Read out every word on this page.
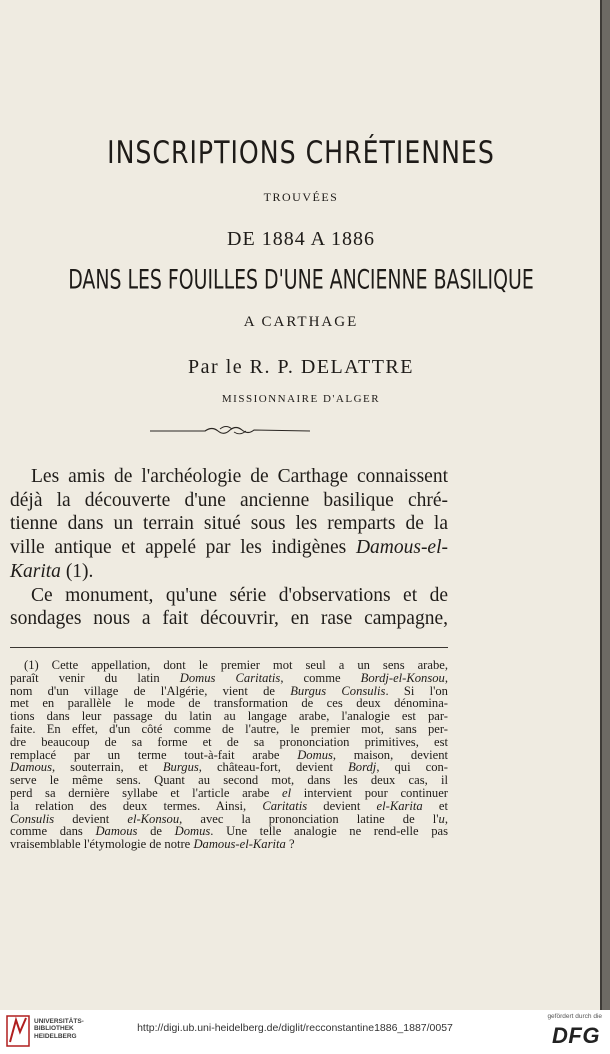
INSCRIPTIONS CHRÉTIENNES
TROUVÉES
DE 1884 A 1886
DANS LES FOUILLES D'UNE ANCIENNE BASILIQUE
A CARTHAGE
Par le R. P. DELATTRE
MISSIONNAIRE D'ALGER
Les amis de l'archéologie de Carthage connaissent
déjà la découverte d'une ancienne basilique chré-
tienne dans un terrain situé sous les remparts de la
ville antique et appelé par les indigènes Damous-el-
Karita (1).
Ce monument, qu'une série d'observations et de
sondages nous a fait découvrir, en rase campagne,
(1) Cette appellation, dont le premier mot seul a un sens arabe,
paraît venir du latin Domus Caritatis, comme Bordj-el-Konsou,
nom d'un village de l'Algérie, vient de Burgus Consulis. Si l'on
met en parallèle le mode de transformation de ces deux dénomina-
tions dans leur passage du latin au langage arabe, l'analogie est par-
faite. En effet, d'un côté comme de l'autre, le premier mot, sans per-
dre beaucoup de sa forme et de sa prononciation primitives, est
remplacé par un terme tout-à-fait arabe Domus, maison, devient
Damous, souterrain, et Burgus, château-fort, devient Bordj, qui con-
serve le même sens. Quant au second mot, dans les deux cas, il
perd sa dernière syllabe et l'article arabe el intervient pour continuer
la relation des deux termes. Ainsi, Caritatis devient el-Karita et
Consulis devient el-Konsou, avec la prononciation latine de l'u,
comme dans Damous de Domus. Une telle analogie ne rend-elle pas
vraisemblable l'étymologie de notre Damous-el-Karita ?
UNIVERSITÄTS-
BIBLIOTHEK
HEIDELBERG
http://digi.ub.uni-heidelberg.de/diglit/recconstantine1886_1887/0057
gefördert durch die
DFG
